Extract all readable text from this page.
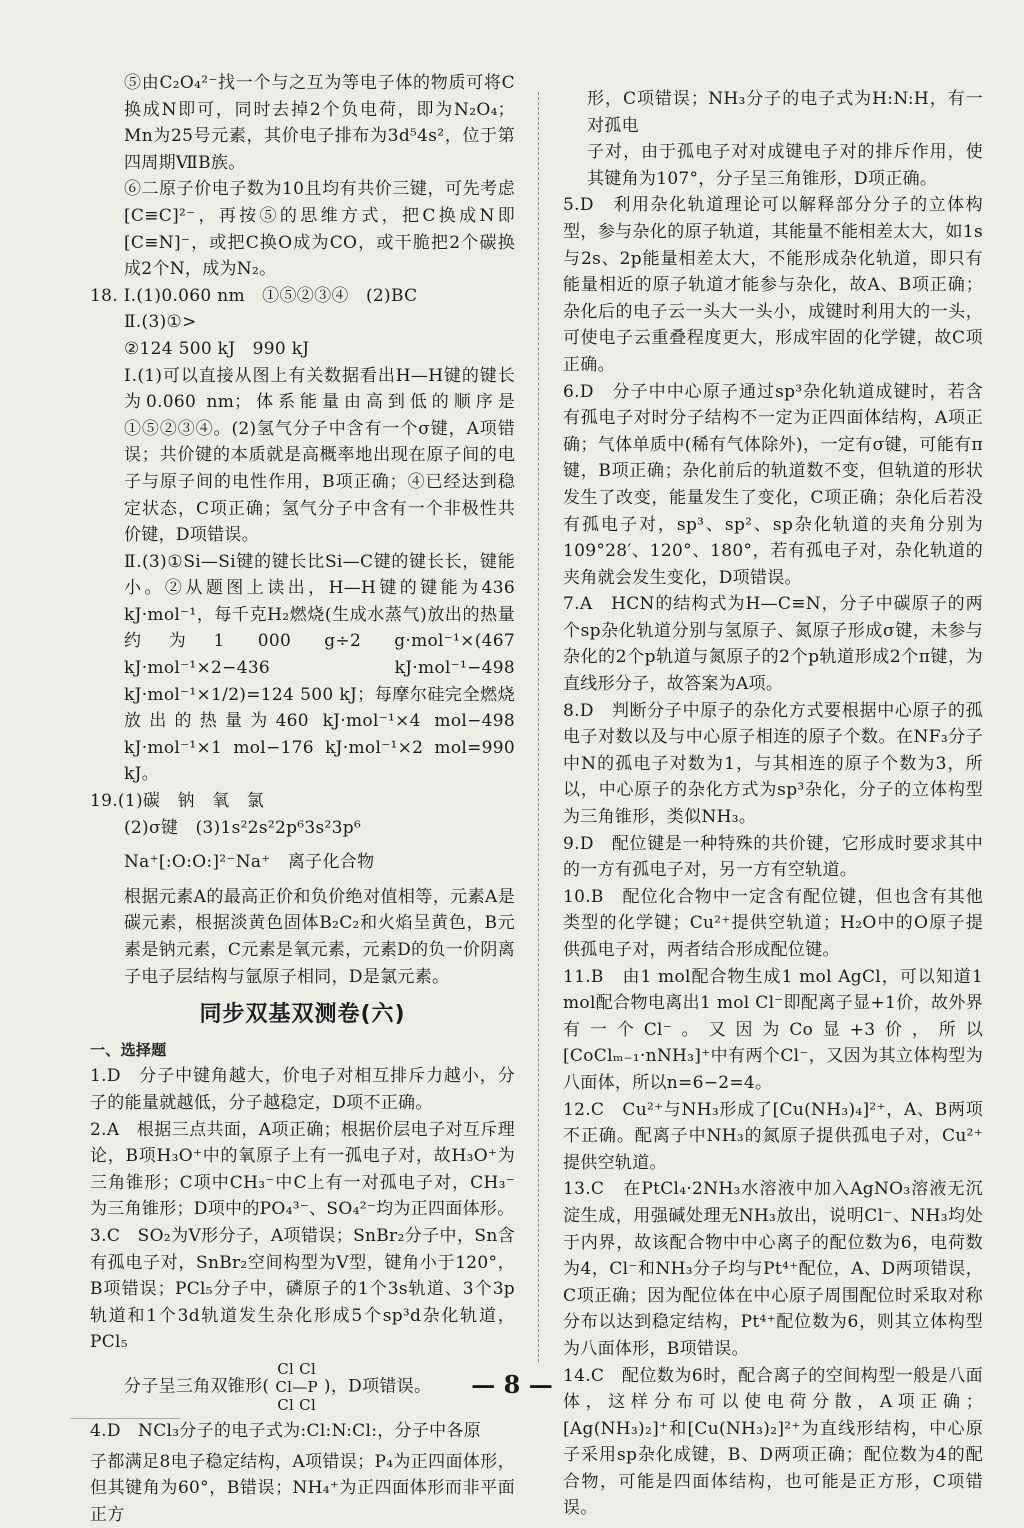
⑤由C₂O₄²⁻找一个与之互为等电子体的物质可将C换成N即可，同时去掉2个负电荷，即为N₂O₄；Mn为25号元素，其价电子排布为3d⁵4s²，位于第四周期ⅦB族。

⑥二原子价电子数为10且均有共价三键，可先考虑[C≡C]²⁻，再按⑤的思维方式，把C换成N即[C≡N]⁻，或把C换O成为CO，或干脆把2个碳换成2个N，成为N₂。

18. Ⅰ.(1)0.060 nm　①⑤②③④　(2)BC

Ⅱ.(3)①>

②124 500 kJ　990 kJ

Ⅰ.(1)可以直接从图上有关数据看出H—H键的键长为0.060 nm；体系能量由高到低的顺序是①⑤②③④。(2)氢气分子中含有一个σ键，A项错误；共价键的本质就是高概率地出现在原子间的电子与原子间的电性作用，B项正确；④已经达到稳定状态，C项正确；氢气分子中含有一个非极性共价键，D项错误。

Ⅱ.(3)①Si—Si键的键长比Si—C键的键长长，键能小。②从题图上读出，H—H键的键能为436 kJ·mol⁻¹，每千克H₂燃烧(生成水蒸气)放出的热量约为1 000 g÷2 g·mol⁻¹×(467 kJ·mol⁻¹×2−436 kJ·mol⁻¹−498 kJ·mol⁻¹×1/2)=124 500 kJ；每摩尔硅完全燃烧放出的热量为460 kJ·mol⁻¹×4 mol−498 kJ·mol⁻¹×1 mol−176 kJ·mol⁻¹×2 mol=990 kJ。

19.(1)碳　钠　氧　氯

(2)σ键　(3)1s²2s²2p⁶3s²3p⁶

Na⁺[:O:O:]²⁻Na⁺　离子化合物

根据元素A的最高正价和负价绝对值相等，元素A是碳元素，根据淡黄色固体B₂C₂和火焰呈黄色，B元素是钠元素，C元素是氧元素，元素D的负一价阴离子电子层结构与氩原子相同，D是氯元素。

同步双基双测卷(六)
一、选择题

1.D　分子中键角越大，价电子对相互排斥力越小，分子的能量就越低，分子越稳定，D项不正确。

2.A　根据三点共面，A项正确；根据价层电子对互斥理论，B项H₃O⁺中的氧原子上有一孤电子对，故H₃O⁺为三角锥形；C项中CH₃⁻中C上有一对孤电子对，CH₃⁻为三角锥形；D项中的PO₄³⁻、SO₄²⁻均为正四面体形。

3.C　SO₂为V形分子，A项错误；SnBr₂分子中，Sn含有孤电子对，SnBr₂空间构型为V型，键角小于120°，B项错误；PCl₅分子中，磷原子的1个3s轨道、3个3p轨道和1个3d轨道发生杂化形成5个sp³d杂化轨道，PCl₅

分子呈三角双锥形(Cl Cl
Cl—P
Cl Cl)，D项错误。

4.D　NCl₃分子的电子式为:Cl:N:Cl:，分子中各原

子都满足8电子稳定结构，A项错误；P₄为正四面体形，但其键角为60°，B错误；NH₄⁺为正四面体形而非平面正方

形，C项错误；NH₃分子的电子式为H:N:H，有一对孤电

子对，由于孤电子对对成键电子对的排斥作用，使其键角为107°，分子呈三角锥形，D项正确。

5.D　利用杂化轨道理论可以解释部分分子的立体构型，参与杂化的原子轨道，其能量不能相差太大，如1s与2s、2p能量相差太大，不能形成杂化轨道，即只有能量相近的原子轨道才能参与杂化，故A、B项正确；杂化后的电子云一头大一头小，成键时利用大的一头，可使电子云重叠程度更大，形成牢固的化学键，故C项正确。

6.D　分子中中心原子通过sp³杂化轨道成键时，若含有孤电子对时分子结构不一定为正四面体结构，A项正确；气体单质中(稀有气体除外)，一定有σ键，可能有π键，B项正确；杂化前后的轨道数不变，但轨道的形状发生了改变，能量发生了变化，C项正确；杂化后若没有孤电子对，sp³、sp²、sp杂化轨道的夹角分别为109°28′、120°、180°，若有孤电子对，杂化轨道的夹角就会发生变化，D项错误。

7.A　HCN的结构式为H—C≡N，分子中碳原子的两个sp杂化轨道分别与氢原子、氮原子形成σ键，未参与杂化的2个p轨道与氮原子的2个p轨道形成2个π键，为直线形分子，故答案为A项。

8.D　判断分子中原子的杂化方式要根据中心原子的孤电子对数以及与中心原子相连的原子个数。在NF₃分子中N的孤电子对数为1，与其相连的原子个数为3，所以，中心原子的杂化方式为sp³杂化，分子的立体构型为三角锥形，类似NH₃。

9.D　配位键是一种特殊的共价键，它形成时要求其中的一方有孤电子对，另一方有空轨道。

10.B　配位化合物中一定含有配位键，但也含有其他类型的化学键；Cu²⁺提供空轨道；H₂O中的O原子提供孤电子对，两者结合形成配位键。

11.B　由1 mol配合物生成1 mol AgCl，可以知道1 mol配合物电离出1 mol Cl⁻即配离子显+1价，故外界有一个Cl⁻。又因为Co显+3价，所以[CoClₘ₋₁·nNH₃]⁺中有两个Cl⁻，又因为其立体构型为八面体，所以n=6−2=4。

12.C　Cu²⁺与NH₃形成了[Cu(NH₃)₄]²⁺，A、B两项不正确。配离子中NH₃的氮原子提供孤电子对，Cu²⁺提供空轨道。

13.C　在PtCl₄·2NH₃水溶液中加入AgNO₃溶液无沉淀生成，用强碱处理无NH₃放出，说明Cl⁻、NH₃均处于内界，故该配合物中中心离子的配位数为6，电荷数为4，Cl⁻和NH₃分子均与Pt⁴⁺配位，A、D两项错误，C项正确；因为配位体在中心原子周围配位时采取对称分布以达到稳定结构，Pt⁴⁺配位数为6，则其立体构型为八面体形，B项错误。

14.C　配位数为6时，配合离子的空间构型一般是八面体，这样分布可以使电荷分散，A项正确；[Ag(NH₃)₂]⁺和[Cu(NH₃)₂]²⁺为直线形结构，中心原子采用sp杂化成键，B、D两项正确；配位数为4的配合物，可能是四面体结构，也可能是正方形，C项错误。

— 8 —
